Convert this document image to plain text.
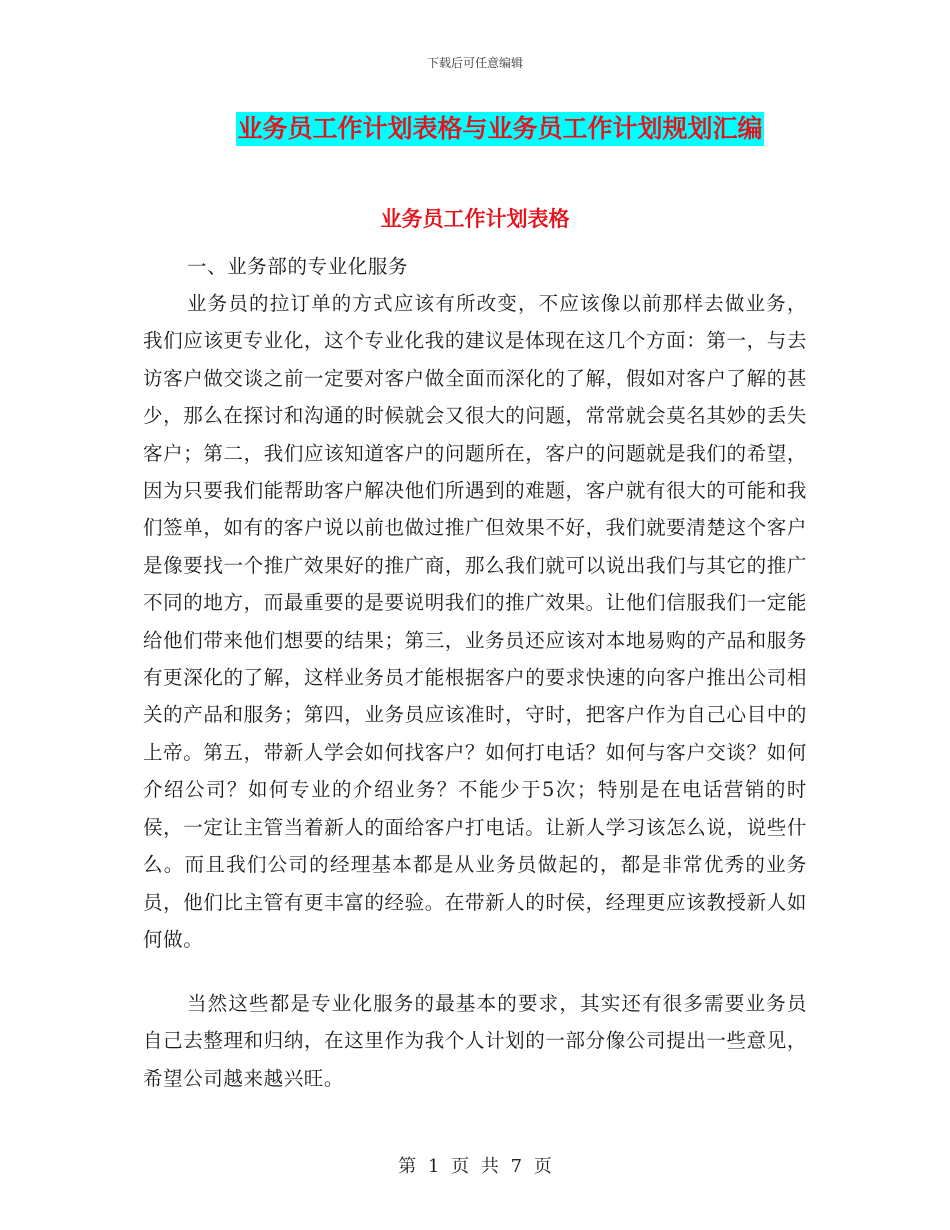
下载后可任意编辑
业务员工作计划表格与业务员工作计划规划汇编
业务员工作计划表格
一、业务部的专业化服务
业务员的拉订单的方式应该有所改变，不应该像以前那样去做业务，我们应该更专业化，这个专业化我的建议是体现在这几个方面：第一，与去访客户做交谈之前一定要对客户做全面而深化的了解，假如对客户了解的甚少，那么在探讨和沟通的时候就会又很大的问题，常常就会莫名其妙的丢失客户；第二，我们应该知道客户的问题所在，客户的问题就是我们的希望，因为只要我们能帮助客户解决他们所遇到的难题，客户就有很大的可能和我们签单，如有的客户说以前也做过推广但效果不好，我们就要清楚这个客户是像要找一个推广效果好的推广商，那么我们就可以说出我们与其它的推广不同的地方，而最重要的是要说明我们的推广效果。让他们信服我们一定能给他们带来他们想要的结果；第三，业务员还应该对本地易购的产品和服务有更深化的了解，这样业务员才能根据客户的要求快速的向客户推出公司相关的产品和服务；第四，业务员应该准时，守时，把客户作为自己心目中的上帝。第五，带新人学会如何找客户？如何打电话？如何与客户交谈？如何介绍公司？如何专业的介绍业务？不能少于5次；特别是在电话营销的时侯，一定让主管当着新人的面给客户打电话。让新人学习该怎么说，说些什么。而且我们公司的经理基本都是从业务员做起的，都是非常优秀的业务员，他们比主管有更丰富的经验。在带新人的时侯，经理更应该教授新人如何做。
当然这些都是专业化服务的最基本的要求，其实还有很多需要业务员自己去整理和归纳，在这里作为我个人计划的一部分像公司提出一些意见，希望公司越来越兴旺。
第 1 页 共 7 页
